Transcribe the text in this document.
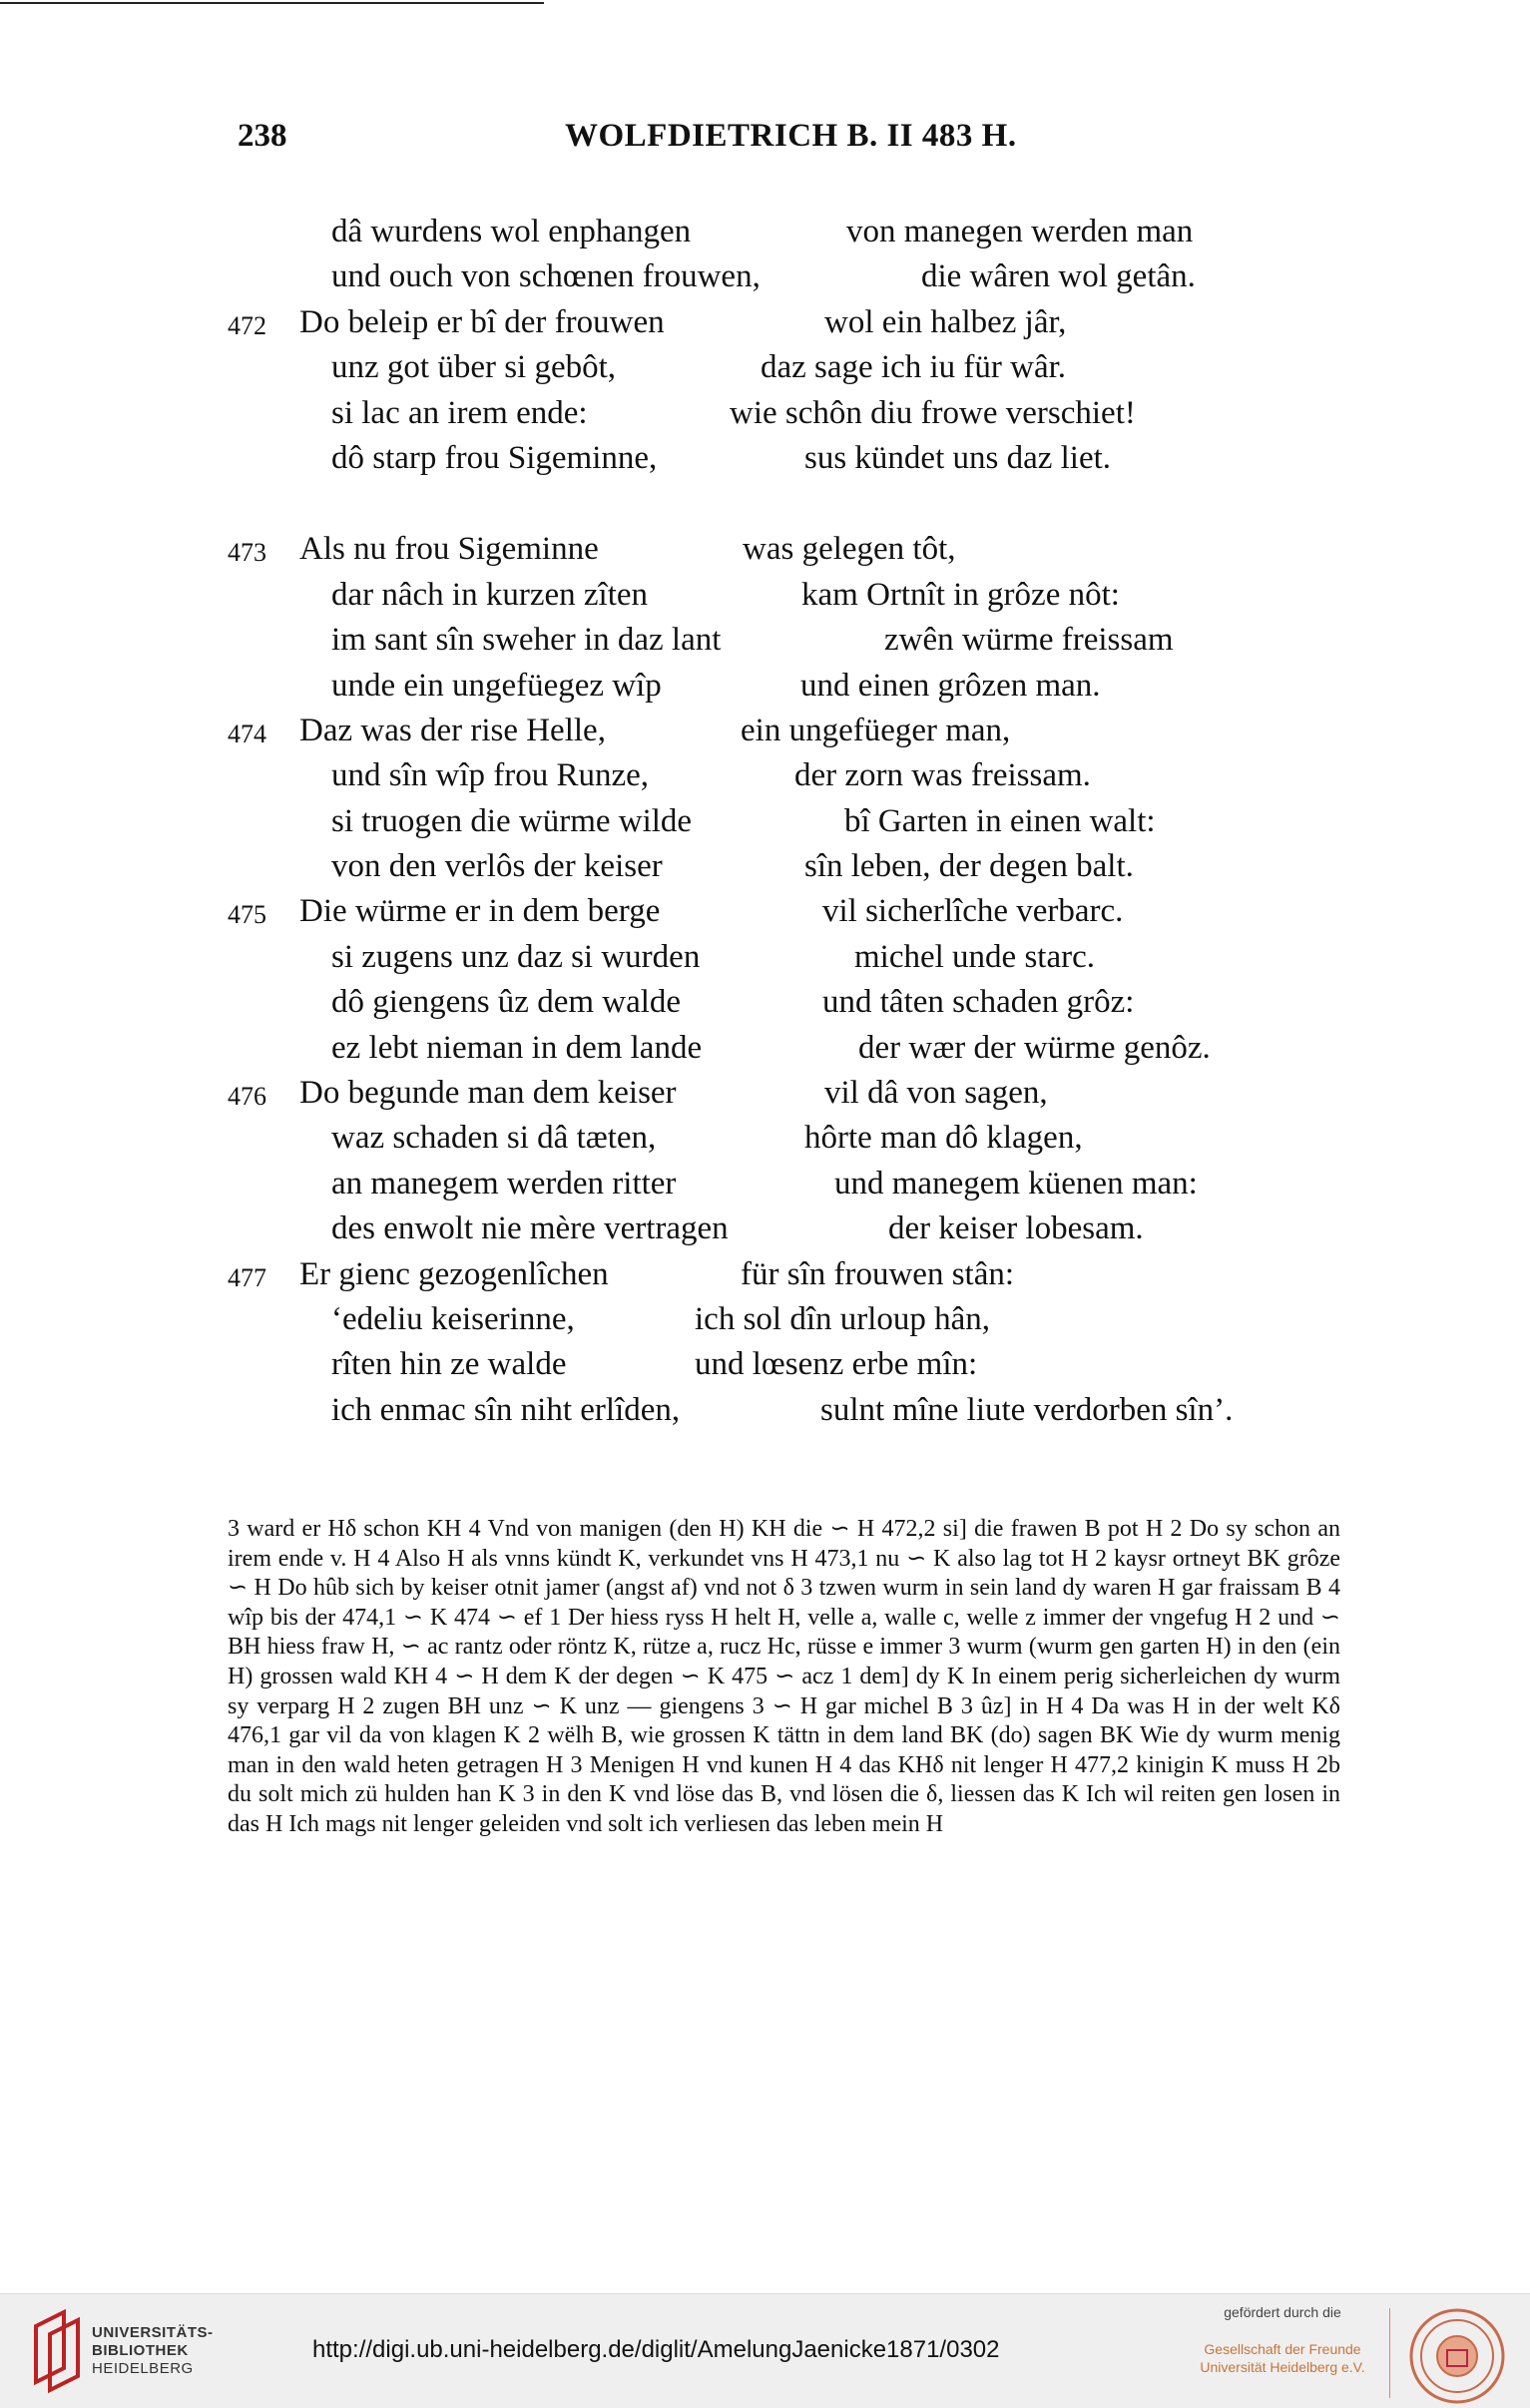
238	WOLFDIETRICH B. II 483 H.
dâ wurdens wol enphangen	von manegen werden man
und ouch von schœnen frouwen,	die wâren wol getân.
472 Do beleip er bî der frouwen	wol ein halbez jâr,
unz got über si gebôt,	daz sage ich iu für wâr.
si lac an irem ende:	wie schôn diu frowe verschiet!
dô starp frou Sigeminne,	sus kündet uns daz liet.
473 Als nu frou Sigeminne	was gelegen tôt,
dar nâch in kurzen zîten	kam Ortnît in grôze nôt:
im sant sîn sweher in daz lant	zwên würme freissam
unde ein ungefüegez wîp	und einen grôzen man.
474 Daz was der rise Helle,	ein ungefüeger man,
und sîn wîp frou Runze,	der zorn was freissam.
si truogen die würme wilde	bî Garten in einen walt:
von den verlôs der keiser	sîn leben, der degen balt.
475 Die würme er in dem berge	vil sicherlîche verbarc.
si zugens unz daz si wurden	michel unde starc.
dô giengens ûz dem walde	und tâten schaden grôz:
ez lebt nieman in dem lande	der wær der würme genôz.
476 Do begunde man dem keiser	vil dâ von sagen,
waz schaden si dâ tæten,	hôrte man dô klagen,
an manegem werden ritter	und manegem küenen man:
des enwolt nie mère vertragen	der keiser lobesam.
477 Er gienc gezogenlîchen	für sîn frouwen stân:
‘edeliu keiserinne,	ich sol dîn urloup hân,
rîten hin ze walde	und lœsenz erbe mîn:
ich enmac sîn niht erlîden,	sulnt mîne liute verdorben sîn’.

3 ward er Hδ schon KH 4 Vnd von manigen (den H) KH die ∽ H 472,2 si] die frawen B pot H 2 Do sy schon an irem ende v. H 4 Also H als vnns kündt K, verkundet vns H 473,1 nu ∽ K also lag tot H 2 kaysr ortneyt BK grôze ∽ H Do hûb sich by keiser otnit jamer (angst af) vnd not δ 3 tzwen wurm in sein land dy waren H gar fraissam B 4 wîp bis der 474,1 ∽ K 474 ∽ ef 1 Der hiess ryss H helt H, velle a, walle c, welle z immer der vngefug H 2 und ∽ BH hiess fraw H, ∽ ac rantz oder röntz K, rütze a, rucz Hc, rüsse e immer 3 wurm (wurm gen garten H) in den (ein H) grossen wald KH 4 ∽ H dem K der degen ∽ K 475 ∽ acz 1 dem] dy K In einem perig sicherleichen dy wurm sy verparg H 2 zugen BH unz ∽ K unz — giengens 3 ∽ H gar michel B 3 ûz] in H 4 Da was H in der welt Kδ 476,1 gar vil da von klagen K 2 wëlh B, wie grossen K tättn in dem land BK (do) sagen BK Wie dy wurm menig man in den wald heten getragen H 3 Menigen H vnd kunen H 4 das KHδ nit lenger H 477,2 kinigin K muss H 2b du solt mich zü hulden han K 3 in den K vnd löse das B, vnd lösen die δ, liessen das K Ich wil reiten gen losen in das H Ich mags nit lenger geleiden vnd solt ich verliesen das leben mein H

UNIVERSITÄTS-
BIBLIOTHEK
HEIDELBERG
http://digi.ub.uni-heidelberg.de/diglit/AmelungJaenicke1871/0302
gefördert durch die
Gesellschaft der Freunde
Universität Heidelberg e.V.
